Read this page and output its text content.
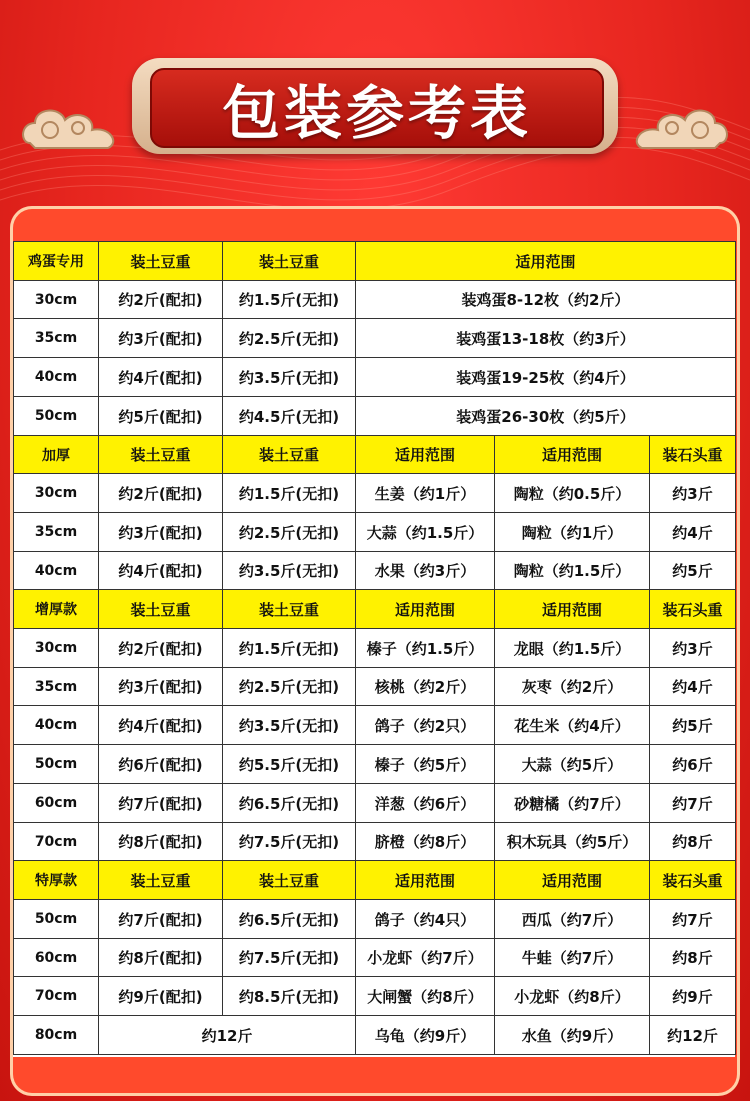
包装参考表
鸡蛋专用	装土豆重	装土豆重	适用范围
30cm	约2斤(配扣)	约1.5斤(无扣)	装鸡蛋8-12枚（约2斤）
35cm	约3斤(配扣)	约2.5斤(无扣)	装鸡蛋13-18枚（约3斤）
40cm	约4斤(配扣)	约3.5斤(无扣)	装鸡蛋19-25枚（约4斤）
50cm	约5斤(配扣)	约4.5斤(无扣)	装鸡蛋26-30枚（约5斤）
加厚	装土豆重	装土豆重	适用范围	适用范围	装石头重
30cm	约2斤(配扣)	约1.5斤(无扣)	生姜（约1斤）	陶粒（约0.5斤）	约3斤
35cm	约3斤(配扣)	约2.5斤(无扣)	大蒜（约1.5斤）	陶粒（约1斤）	约4斤
40cm	约4斤(配扣)	约3.5斤(无扣)	水果（约3斤）	陶粒（约1.5斤）	约5斤
增厚款	装土豆重	装土豆重	适用范围	适用范围	装石头重
30cm	约2斤(配扣)	约1.5斤(无扣)	榛子（约1.5斤）	龙眼（约1.5斤）	约3斤
35cm	约3斤(配扣)	约2.5斤(无扣)	核桃（约2斤）	灰枣（约2斤）	约4斤
40cm	约4斤(配扣)	约3.5斤(无扣)	鸽子（约2只）	花生米（约4斤）	约5斤
50cm	约6斤(配扣)	约5.5斤(无扣)	榛子（约5斤）	大蒜（约5斤）	约6斤
60cm	约7斤(配扣)	约6.5斤(无扣)	洋葱（约6斤）	砂糖橘（约7斤）	约7斤
70cm	约8斤(配扣)	约7.5斤(无扣)	脐橙（约8斤）	积木玩具（约5斤）	约8斤
特厚款	装土豆重	装土豆重	适用范围	适用范围	装石头重
50cm	约7斤(配扣)	约6.5斤(无扣)	鸽子（约4只）	西瓜（约7斤）	约7斤
60cm	约8斤(配扣)	约7.5斤(无扣)	小龙虾（约7斤）	牛蛙（约7斤）	约8斤
70cm	约9斤(配扣)	约8.5斤(无扣)	大闸蟹（约8斤）	小龙虾（约8斤）	约9斤
80cm	约12斤	乌龟（约9斤）	水鱼（约9斤）	约12斤
